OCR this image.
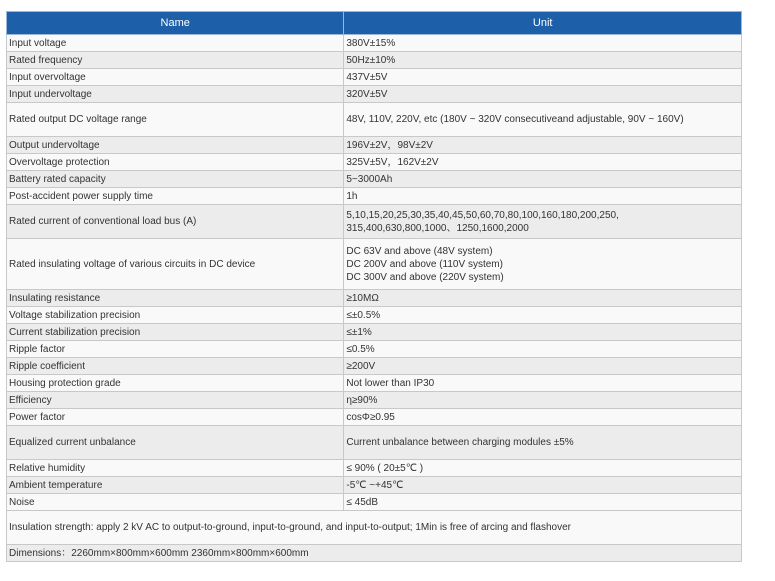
Name	Unit
Input voltage	380V±15%

Rated frequency	50Hz±10%

Input overvoltage	437V±5V

Input undervoltage	320V±5V

Rated output DC voltage range	48V, 110V, 220V, etc (180V ~ 320V consecutiveand adjustable, 90V ~ 160V)

Output undervoltage	196V±2V，98V±2V

Overvoltage protection	325V±5V，162V±2V

Battery rated capacity	5~3000Ah

Post-accident power supply time	1h

Rated current of conventional load bus (A)	5,10,15,20,25,30,35,40,45,50,60,70,80,100,160,180,200,250,
315,400,630,800,1000、1250,1600,2000

Rated insulating voltage of various circuits in DC device	DC 63V and above (48V system)
DC 200V and above (110V system)
DC 300V and above (220V system)

Insulating resistance	≥10MΩ

Voltage stabilization precision	≤±0.5%

Current stabilization precision	≤±1%

Ripple factor	≤0.5%

Ripple coefficient	≥200V

Housing protection grade	Not lower than IP30

Efficiency	η≥90%

Power factor	cosΦ≥0.95

Equalized current unbalance	Current unbalance between charging modules ±5%

Relative humidity	≤ 90% ( 20±5℃ )

Ambient temperature	-5℃ ~+45℃

Noise	≤ 45dB

Insulation strength: apply 2 kV AC to output-to-ground, input-to-ground, and input-to-output; 1Min is free of arcing and flashover	
Dimensions：2260mm×800mm×600mm 2360mm×800mm×600mm	
